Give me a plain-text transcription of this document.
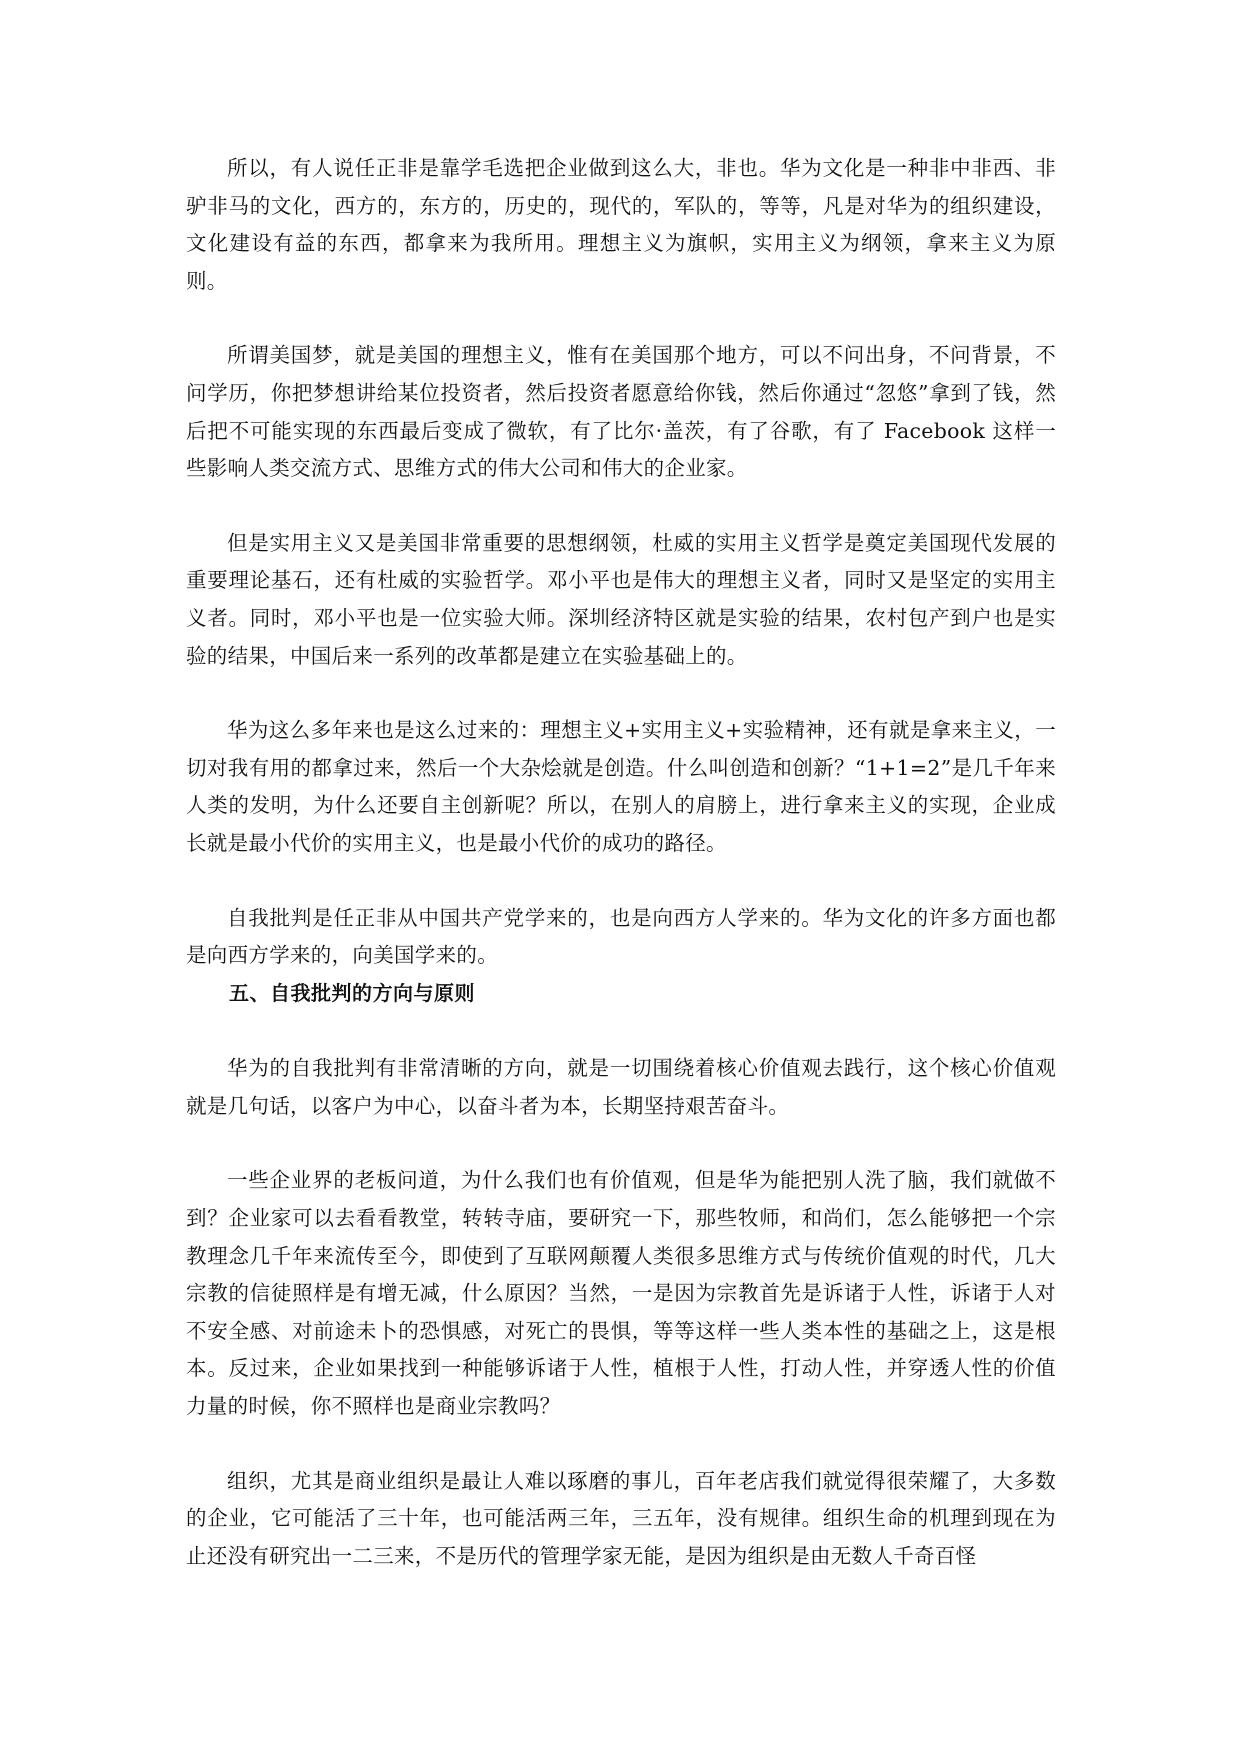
所以，有人说任正非是靠学毛选把企业做到这么大，非也。华为文化是一种非中非西、非驴非马的文化，西方的，东方的，历史的，现代的，军队的，等等，凡是对华为的组织建设，文化建设有益的东西，都拿来为我所用。理想主义为旗帜，实用主义为纲领，拿来主义为原则。

所谓美国梦，就是美国的理想主义，惟有在美国那个地方，可以不问出身，不问背景，不问学历，你把梦想讲给某位投资者，然后投资者愿意给你钱，然后你通过“忽悠”拿到了钱，然后把不可能实现的东西最后变成了微软，有了比尔·盖茨，有了谷歌，有了 Facebook 这样一些影响人类交流方式、思维方式的伟大公司和伟大的企业家。

但是实用主义又是美国非常重要的思想纲领，杜威的实用主义哲学是奠定美国现代发展的重要理论基石，还有杜威的实验哲学。邓小平也是伟大的理想主义者，同时又是坚定的实用主义者。同时，邓小平也是一位实验大师。深圳经济特区就是实验的结果，农村包产到户也是实验的结果，中国后来一系列的改革都是建立在实验基础上的。

华为这么多年来也是这么过来的：理想主义+实用主义+实验精神，还有就是拿来主义，一切对我有用的都拿过来，然后一个大杂烩就是创造。什么叫创造和创新？“1+1=2”是几千年来人类的发明，为什么还要自主创新呢？所以，在别人的肩膀上，进行拿来主义的实现，企业成长就是最小代价的实用主义，也是最小代价的成功的路径。

自我批判是任正非从中国共产党学来的，也是向西方人学来的。华为文化的许多方面也都是向西方学来的，向美国学来的。

五、自我批判的方向与原则

华为的自我批判有非常清晰的方向，就是一切围绕着核心价值观去践行，这个核心价值观就是几句话，以客户为中心，以奋斗者为本，长期坚持艰苦奋斗。

一些企业界的老板问道，为什么我们也有价值观，但是华为能把别人洗了脑，我们就做不到？企业家可以去看看教堂，转转寺庙，要研究一下，那些牧师，和尚们，怎么能够把一个宗教理念几千年来流传至今，即使到了互联网颠覆人类很多思维方式与传统价值观的时代，几大宗教的信徒照样是有增无减，什么原因？当然，一是因为宗教首先是诉诸于人性，诉诸于人对不安全感、对前途未卜的恐惧感，对死亡的畏惧，等等这样一些人类本性的基础之上，这是根本。反过来，企业如果找到一种能够诉诸于人性，植根于人性，打动人性，并穿透人性的价值力量的时候，你不照样也是商业宗教吗？

组织，尤其是商业组织是最让人难以琢磨的事儿，百年老店我们就觉得很荣耀了，大多数的企业，它可能活了三十年，也可能活两三年，三五年，没有规律。组织生命的机理到现在为止还没有研究出一二三来，不是历代的管理学家无能，是因为组织是由无数人千奇百怪
